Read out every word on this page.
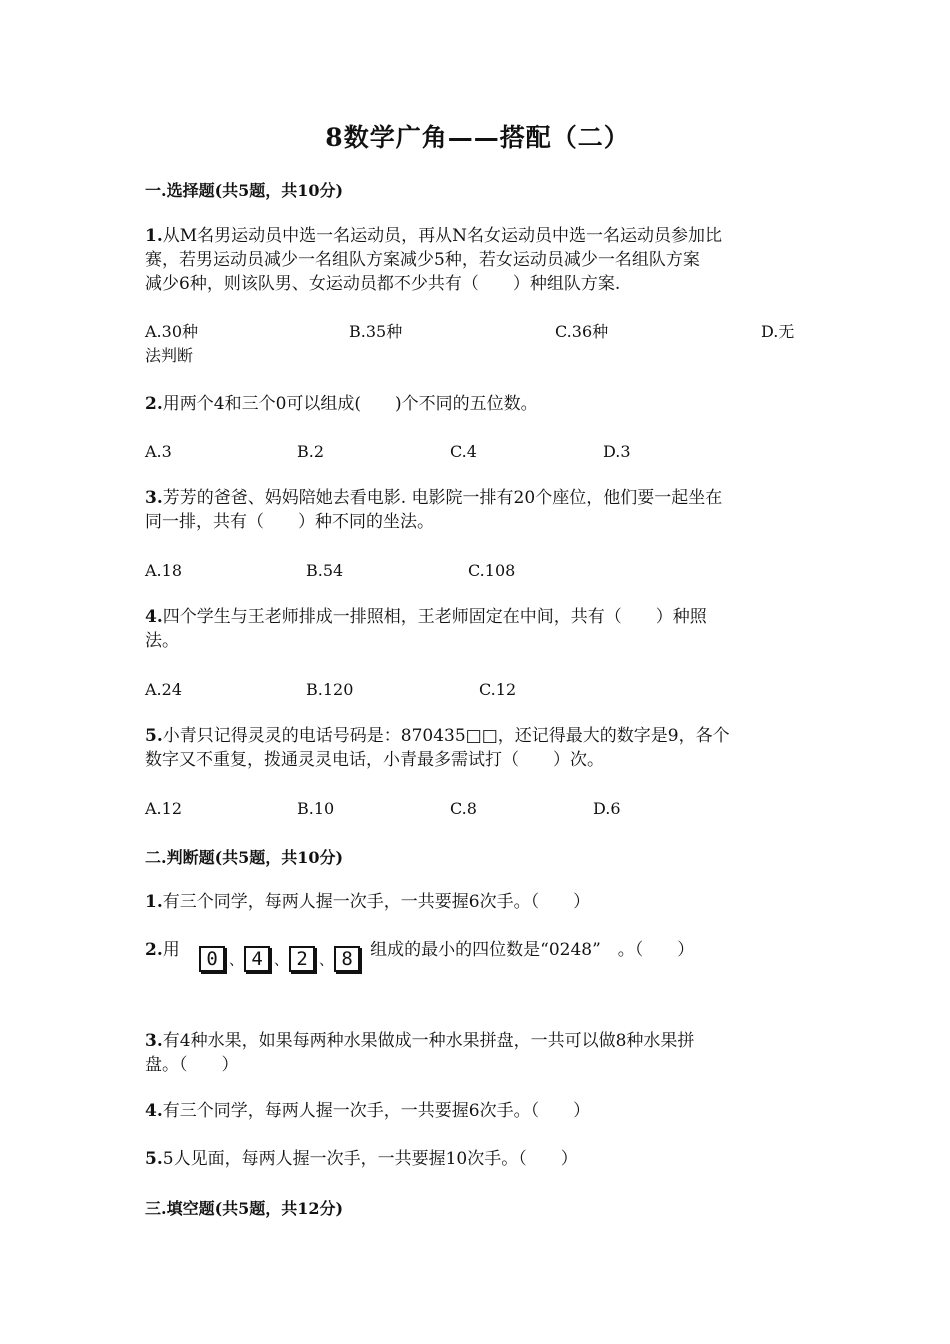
8数学广角——搭配（二）
一.选择题(共5题，共10分)
1.从M名男运动员中选一名运动员，再从N名女运动员中选一名运动员参加比
赛，若男运动员减少一名组队方案减少5种，若女运动员减少一名组队方案
减少6种，则该队男、女运动员都不少共有（　　）种组队方案.
A.30种	B.35种	C.36种	D.无
法判断
2.用两个4和三个0可以组成(　　)个不同的五位数。
A.3	B.2	C.4	D.3
3.芳芳的爸爸、妈妈陪她去看电影. 电影院一排有20个座位，他们要一起坐在
同一排，共有（　　）种不同的坐法。
A.18	B.54	C.108
4.四个学生与王老师排成一排照相，王老师固定在中间，共有（　　）种照
法。
A.24	B.120	C.12
5.小青只记得灵灵的电话号码是：870435□□，还记得最大的数字是9，各个
数字又不重复，拨通灵灵电话，小青最多需试打（　　）次。
A.12	B.10	C.8	D.6
二.判断题(共5题，共10分)
1.有三个同学，每两人握一次手，一共要握6次手。（　　）
2.用 0 、 4 、 2 、 8 组成的最小的四位数是“0248”　。（　　）
3.有4种水果，如果每两种水果做成一种水果拼盘，一共可以做8种水果拼
盘。（　　）
4.有三个同学，每两人握一次手，一共要握6次手。（　　）
5.5人见面，每两人握一次手，一共要握10次手。（　　）
三.填空题(共5题，共12分)
